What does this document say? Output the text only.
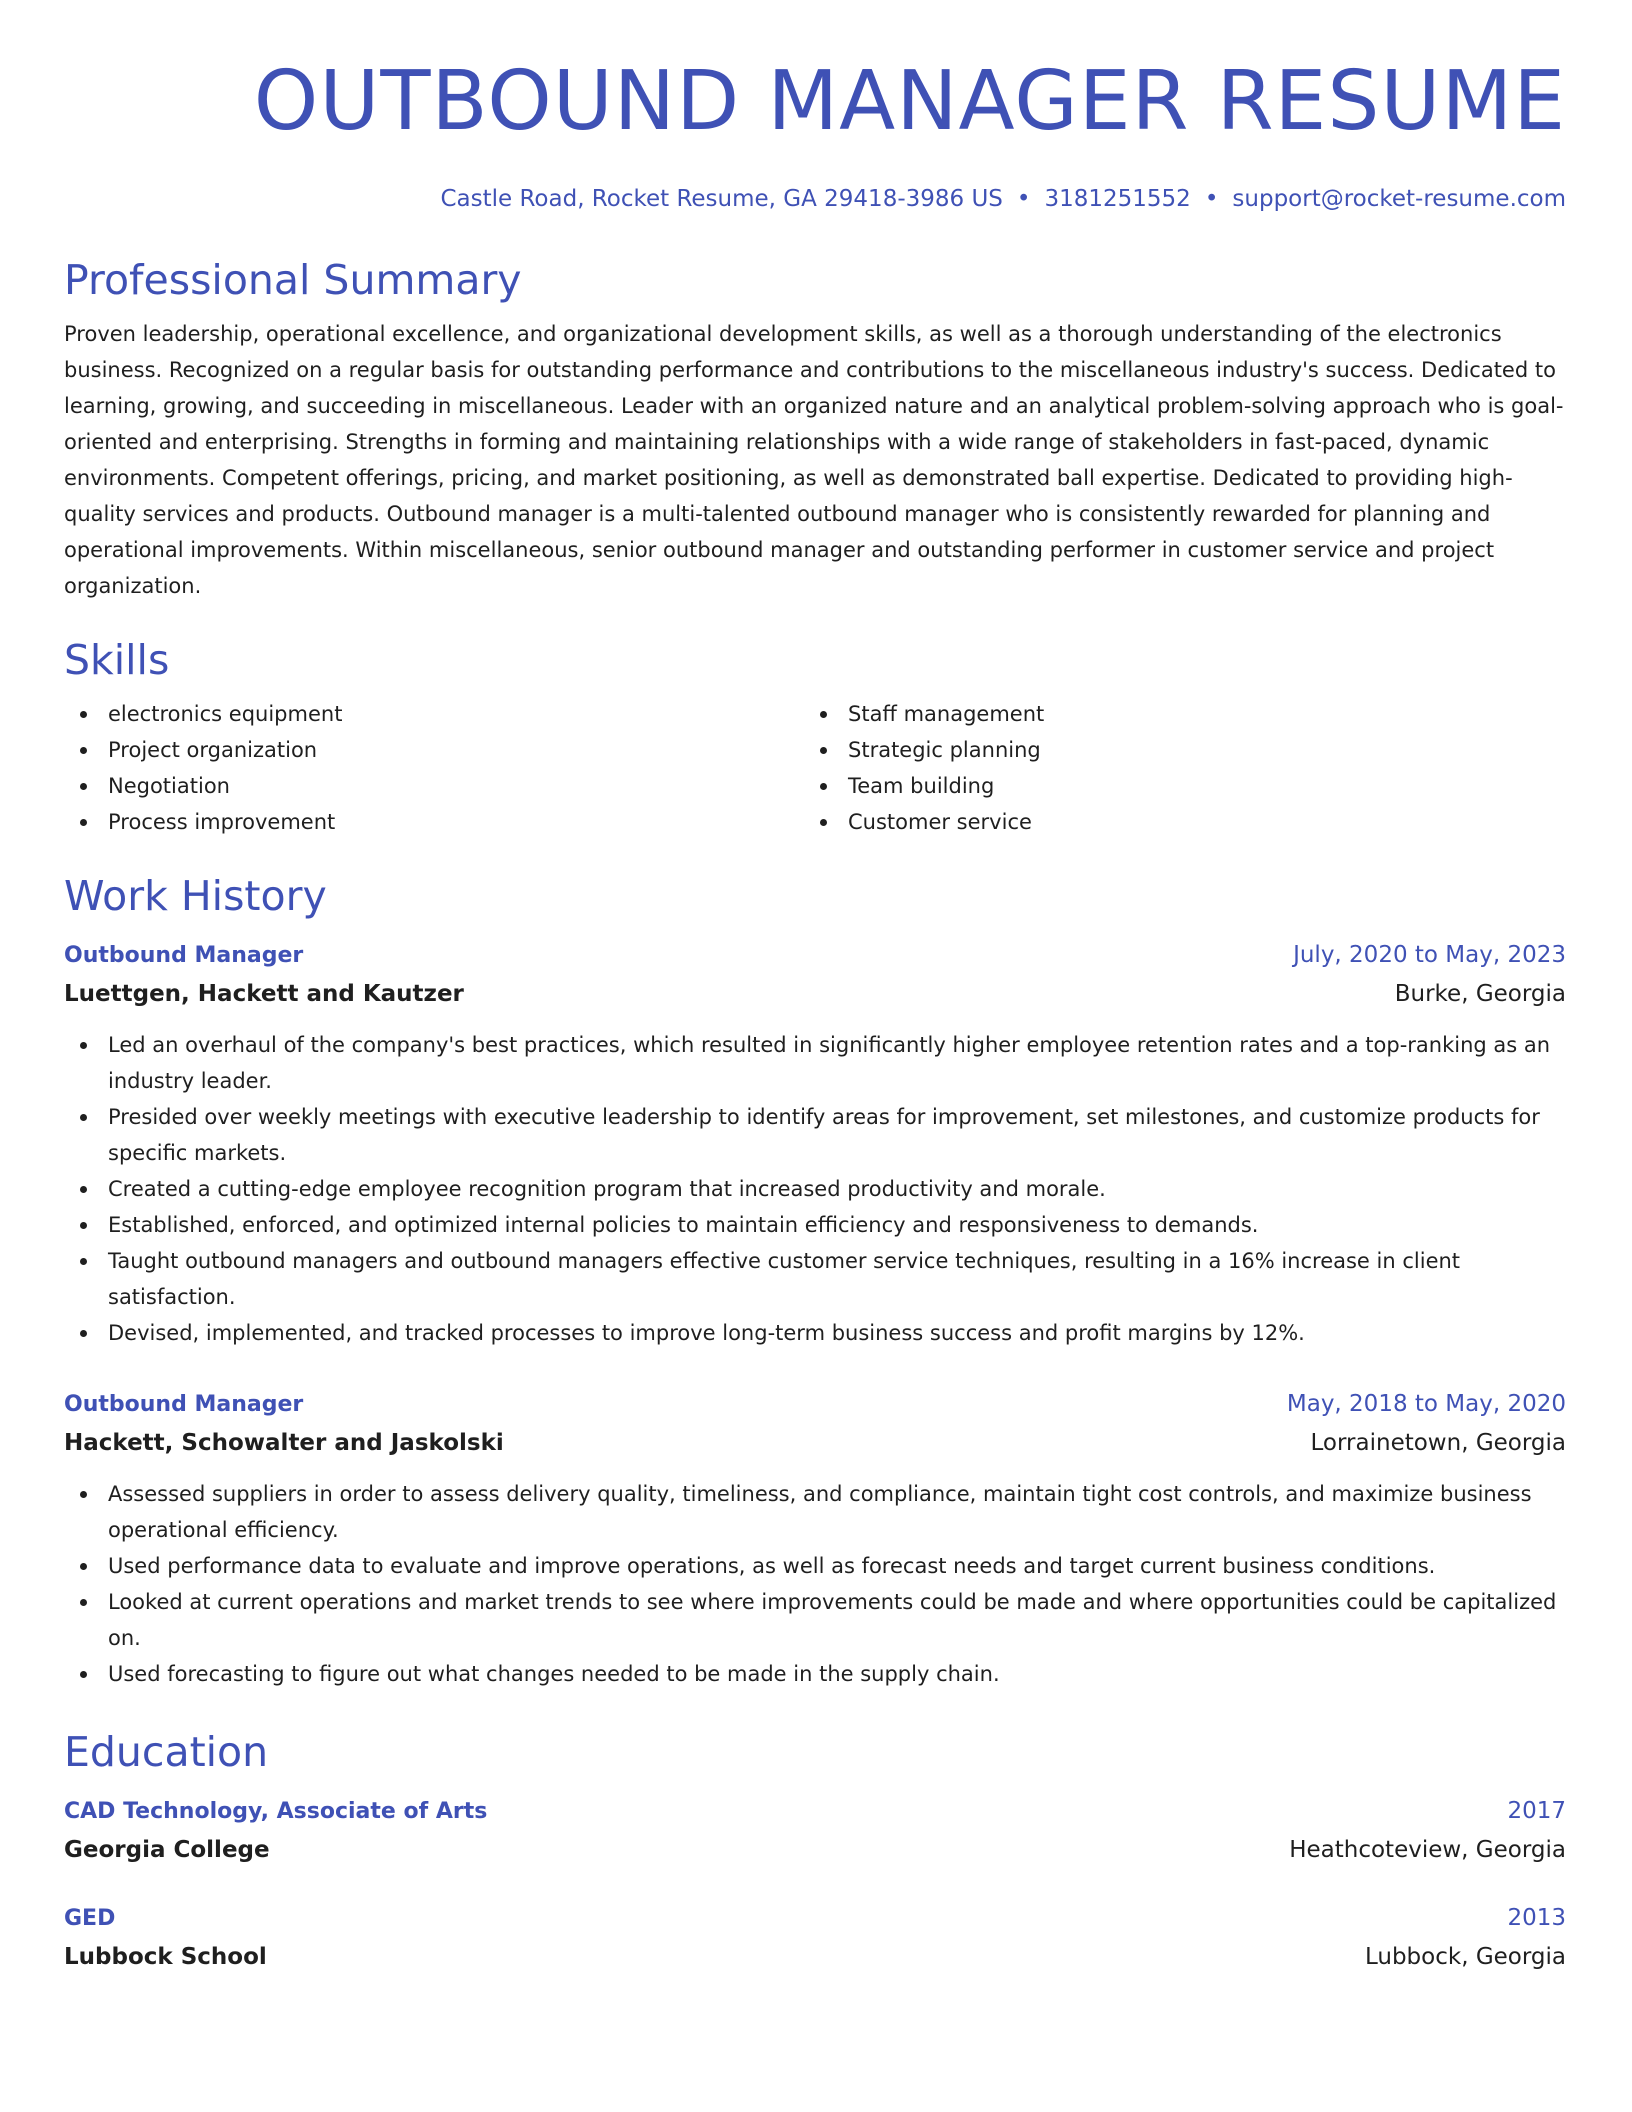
OUTBOUND MANAGER RESUME
Castle Road, Rocket Resume, GA 29418-3986 US • 3181251552 • support@rocket-resume.com
Professional Summary

Proven leadership, operational excellence, and organizational development skills, as well as a thorough understanding of the electronics business. Recognized on a regular basis for outstanding performance and contributions to the miscellaneous industry's success. Dedicated to learning, growing, and succeeding in miscellaneous. Leader with an organized nature and an analytical problem-solving approach who is goal-oriented and enterprising. Strengths in forming and maintaining relationships with a wide range of stakeholders in fast-paced, dynamic environments. Competent offerings, pricing, and market positioning, as well as demonstrated ball expertise. Dedicated to providing high-quality services and products. Outbound manager is a multi-talented outbound manager who is consistently rewarded for planning and operational improvements. Within miscellaneous, senior outbound manager and outstanding performer in customer service and project organization.

Skills
electronics equipment
Project organization
Negotiation
Process improvement
Staff management
Strategic planning
Team building
Customer service
Work History
Outbound Manager	July, 2020 to May, 2023
Luettgen, Hackett and Kautzer	Burke, Georgia
Led an overhaul of the company's best practices, which resulted in significantly higher employee retention rates and a top-ranking as an industry leader.
Presided over weekly meetings with executive leadership to identify areas for improvement, set milestones, and customize products for specific markets.
Created a cutting-edge employee recognition program that increased productivity and morale.
Established, enforced, and optimized internal policies to maintain efficiency and responsiveness to demands.
Taught outbound managers and outbound managers effective customer service techniques, resulting in a 16% increase in client satisfaction.
Devised, implemented, and tracked processes to improve long-term business success and profit margins by 12%.
Outbound Manager	May, 2018 to May, 2020
Hackett, Schowalter and Jaskolski	Lorrainetown, Georgia
Assessed suppliers in order to assess delivery quality, timeliness, and compliance, maintain tight cost controls, and maximize business operational efficiency.
Used performance data to evaluate and improve operations, as well as forecast needs and target current business conditions.
Looked at current operations and market trends to see where improvements could be made and where opportunities could be capitalized on.
Used forecasting to figure out what changes needed to be made in the supply chain.
Education
CAD Technology, Associate of Arts	2017
Georgia College	Heathcoteview, Georgia
GED	2013
Lubbock School	Lubbock, Georgia
